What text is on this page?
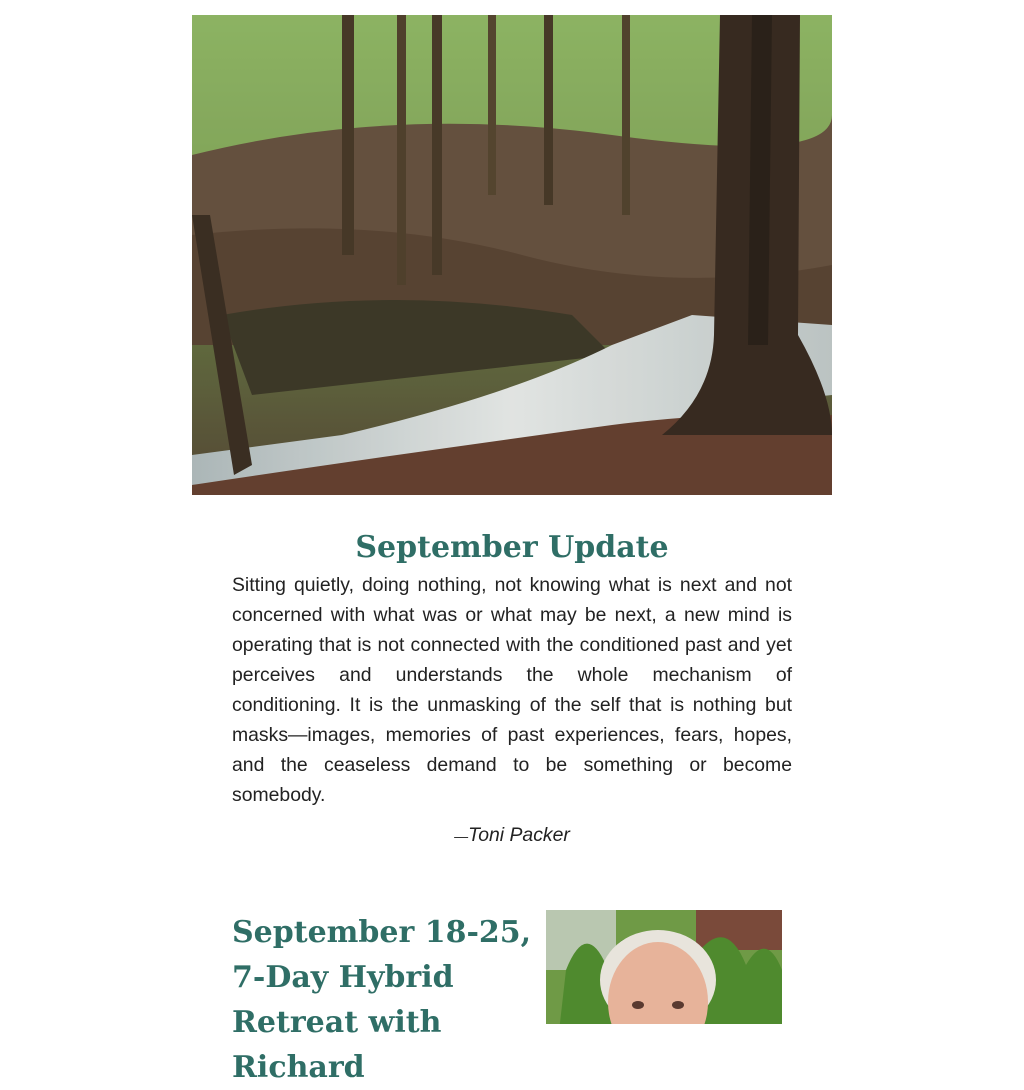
September Update

Sitting quietly, doing nothing, not knowing what is next and not concerned with what was or what may be next, a new mind is operating that is not connected with the conditioned past and yet perceives and understands the whole mechanism of conditioning. It is the unmasking of the self that is nothing but masks—images, memories of past experiences, fears, hopes, and the ceaseless demand to be something or become somebody.

—Toni Packer

September 18-25, 7-Day Hybrid Retreat with Richard
